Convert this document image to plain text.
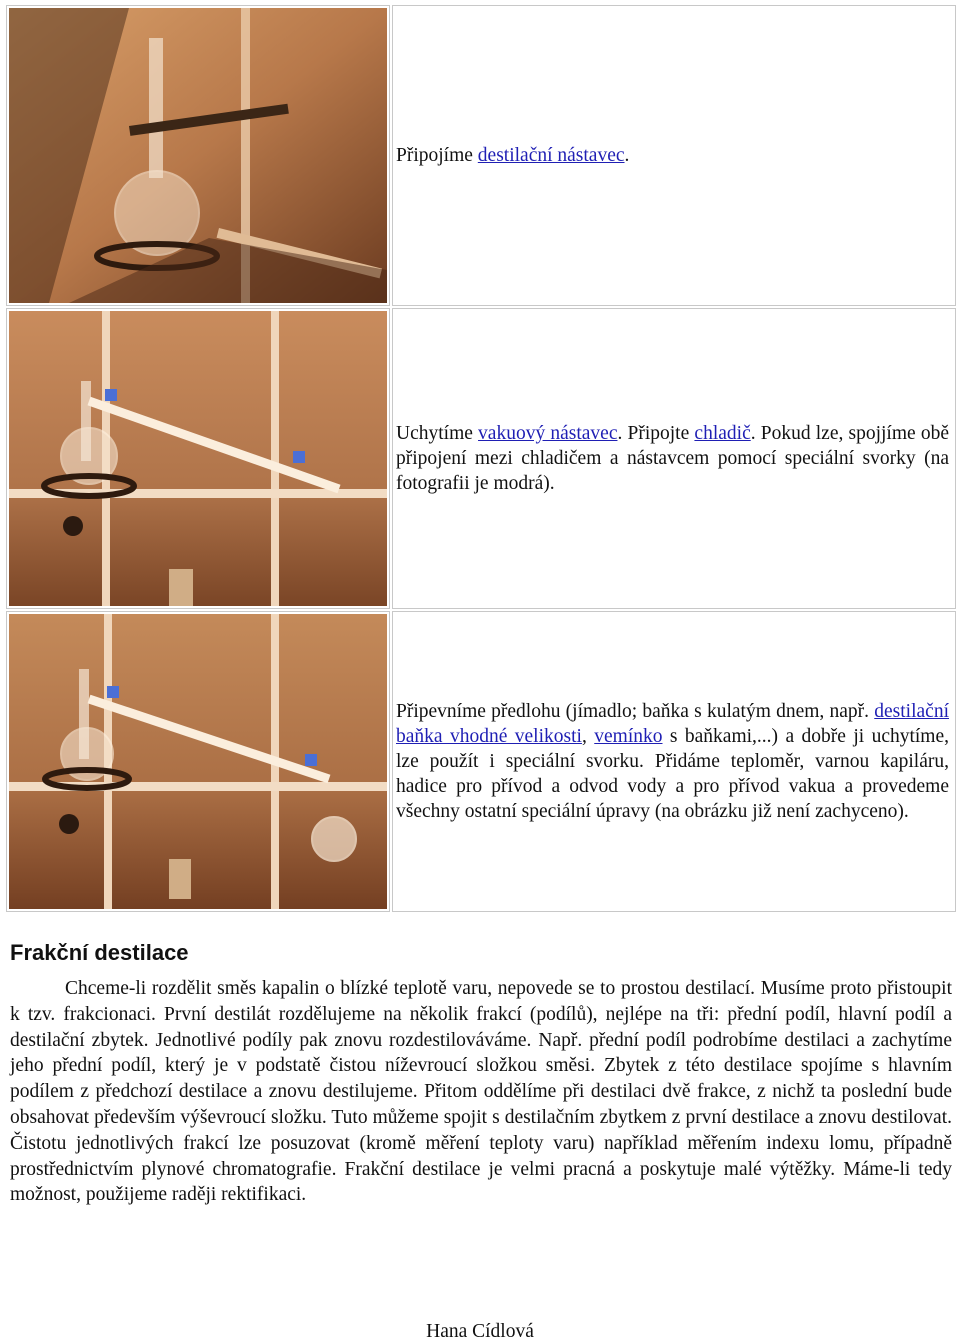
	Připojíme destilační nástavec.

	Uchytíme vakuový nástavec. Připojte chladič. Pokud lze, spojjíme obě připojení mezi chladičem a nástavcem pomocí speciální svorky (na fotografii je modrá).

	Připevníme předlohu (jímadlo; baňka s kulatým dnem, např. destilační baňka vhodné velikosti, vemínko s baňkami,...) a dobře ji uchytíme, lze použít i speciální svorku. Přidáme teploměr, varnou kapiláru, hadice pro přívod a odvod vody a pro přívod vakua a provedeme všechny ostatní speciální úpravy (na obrázku již není zachyceno).
Frakční destilace

Chceme-li rozdělit směs kapalin o blízké teplotě varu, nepovede se to prostou destilací. Musíme proto přistoupit k tzv. frakcionaci. První destilát rozdělujeme na několik frakcí (podílů), nejlépe na tři: přední podíl, hlavní podíl a destilační zbytek. Jednotlivé podíly pak znovu rozdestilováváme. Např. přední podíl podrobíme destilaci a zachytíme jeho přední podíl, který je v podstatě čistou níževroucí složkou směsi. Zbytek z této destilace spojíme s hlavním podílem z předchozí destilace a znovu destilujeme. Přitom oddělíme při destilaci dvě frakce, z nichž ta poslední bude obsahovat především výševroucí složku. Tuto můžeme spojit s destilačním zbytkem z první destilace a znovu destilovat. Čistotu jednotlivých frakcí lze posuzovat (kromě měření teploty varu) například měřením indexu lomu, případně prostřednictvím plynové chromatografie. Frakční destilace je velmi pracná a poskytuje malé výtěžky. Máme-li tedy možnost, použijeme raději rektifikaci.

Hana Cídlová
